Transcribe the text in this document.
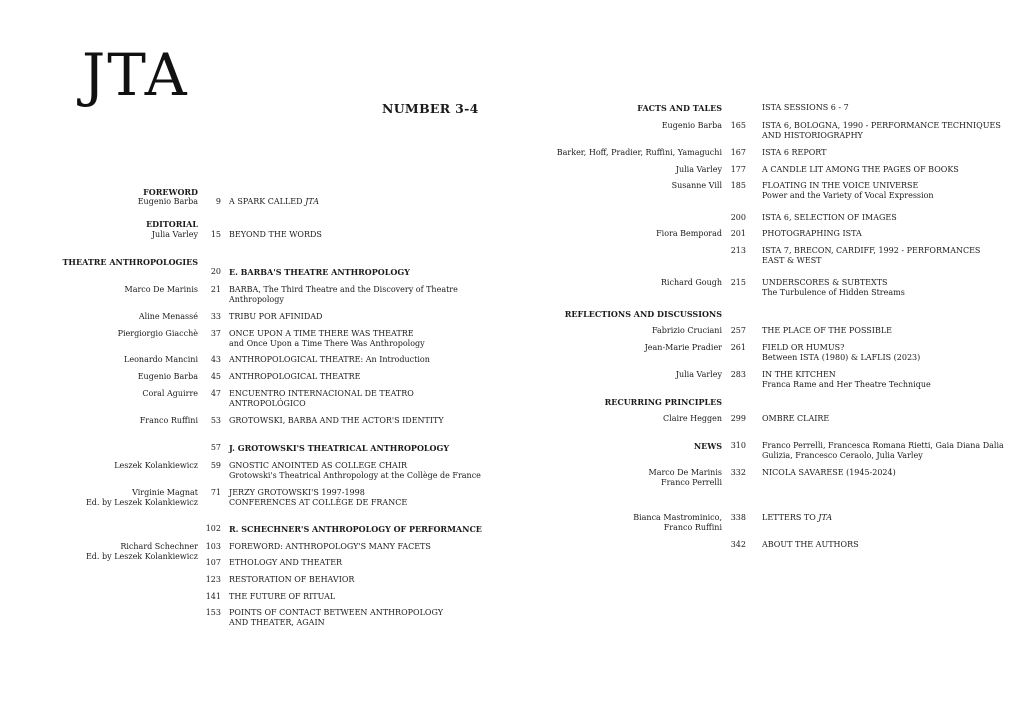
JTA	NUMBER 3-4
FOREWORD
Eugenio Barba 9 A SPARK CALLED JTA
EDITORIAL
Julia Varley 15 BEYOND THE WORDS
THEATRE ANTHROPOLOGIES
20 E. BARBA'S THEATRE ANTHROPOLOGY
Marco De Marinis 21 BARBA, The Third Theatre and the Discovery of Theatre
Anthropology
Aline Menassé 33 TRIBU POR AFINIDAD
Piergiorgio Giacchè 37 ONCE UPON A TIME THERE WAS THEATRE
and Once Upon a Time There Was Anthropology
Leonardo Mancini 43 ANTHROPOLOGICAL THEATRE: An Introduction
Eugenio Barba 45 ANTHROPOLOGICAL THEATRE
Coral Aguirre 47 ENCUENTRO INTERNACIONAL DE TEATRO
ANTROPOLÓGICO
Franco Ruffini 53 GROTOWSKI, BARBA AND THE ACTOR'S IDENTITY
57 J. GROTOWSKI'S THEATRICAL ANTHROPOLOGY
Leszek Kolankiewicz 59 GNOSTIC ANOINTED AS COLLEGE CHAIR
Grotowski's Theatrical Anthropology at the Collège de France
Virginie Magnat
Ed. by Leszek Kolankiewicz
71 JERZY GROTOWSKI'S 1997-1998
CONFERENCES AT COLLÈGE DE FRANCE
102 R. SCHECHNER'S ANTHROPOLOGY OF PERFORMANCE
Richard Schechner
Ed. by Leszek Kolankiewicz
103 FOREWORD: ANTHROPOLOGY'S MANY FACETS
107 ETHOLOGY AND THEATER
123 RESTORATION OF BEHAVIOR
141 THE FUTURE OF RITUAL
153 POINTS OF CONTACT BETWEEN ANTHROPOLOGY
AND THEATER, AGAIN
FACTS AND TALES	ISTA SESSIONS 6 - 7
Eugenio Barba 165 ISTA 6, BOLOGNA, 1990 - PERFORMANCE TECHNIQUES
AND HISTORIOGRAPHY
Barker, Hoff, Pradier, Ruffini, Yamaguchi 167 ISTA 6 REPORT
Julia Varley 177 A CANDLE LIT AMONG THE PAGES OF BOOKS
Susanne Vill 185 FLOATING IN THE VOICE UNIVERSE
Power and the Variety of Vocal Expression
200 ISTA 6, SELECTION OF IMAGES
Fiora Bemporad 201 PHOTOGRAPHING ISTA
213 ISTA 7, BRECON, CARDIFF, 1992 - PERFORMANCES
EAST & WEST
Richard Gough 215 UNDERSCORES & SUBTEXTS
The Turbulence of Hidden Streams
REFLECTIONS AND DISCUSSIONS
Fabrizio Cruciani 257 THE PLACE OF THE POSSIBLE
Jean-Marie Pradier 261 FIELD OR HUMUS?
Between ISTA (1980) & LAFLIS (2023)
Julia Varley 283 IN THE KITCHEN
Franca Rame and Her Theatre Technique
RECURRING PRINCIPLES
Claire Heggen 299 OMBRE CLAIRE
NEWS 310 Franco Perrelli, Francesca Romana Rietti, Gaia Diana Dalia
Gulizia, Francesco Ceraolo, Julia Varley
Marco De Marinis
Franco Perrelli
332 NICOLA SAVARESE (1945-2024)
Bianca Mastrominico,
Franco Ruffini
338 LETTERS TO JTA
342 ABOUT THE AUTHORS
